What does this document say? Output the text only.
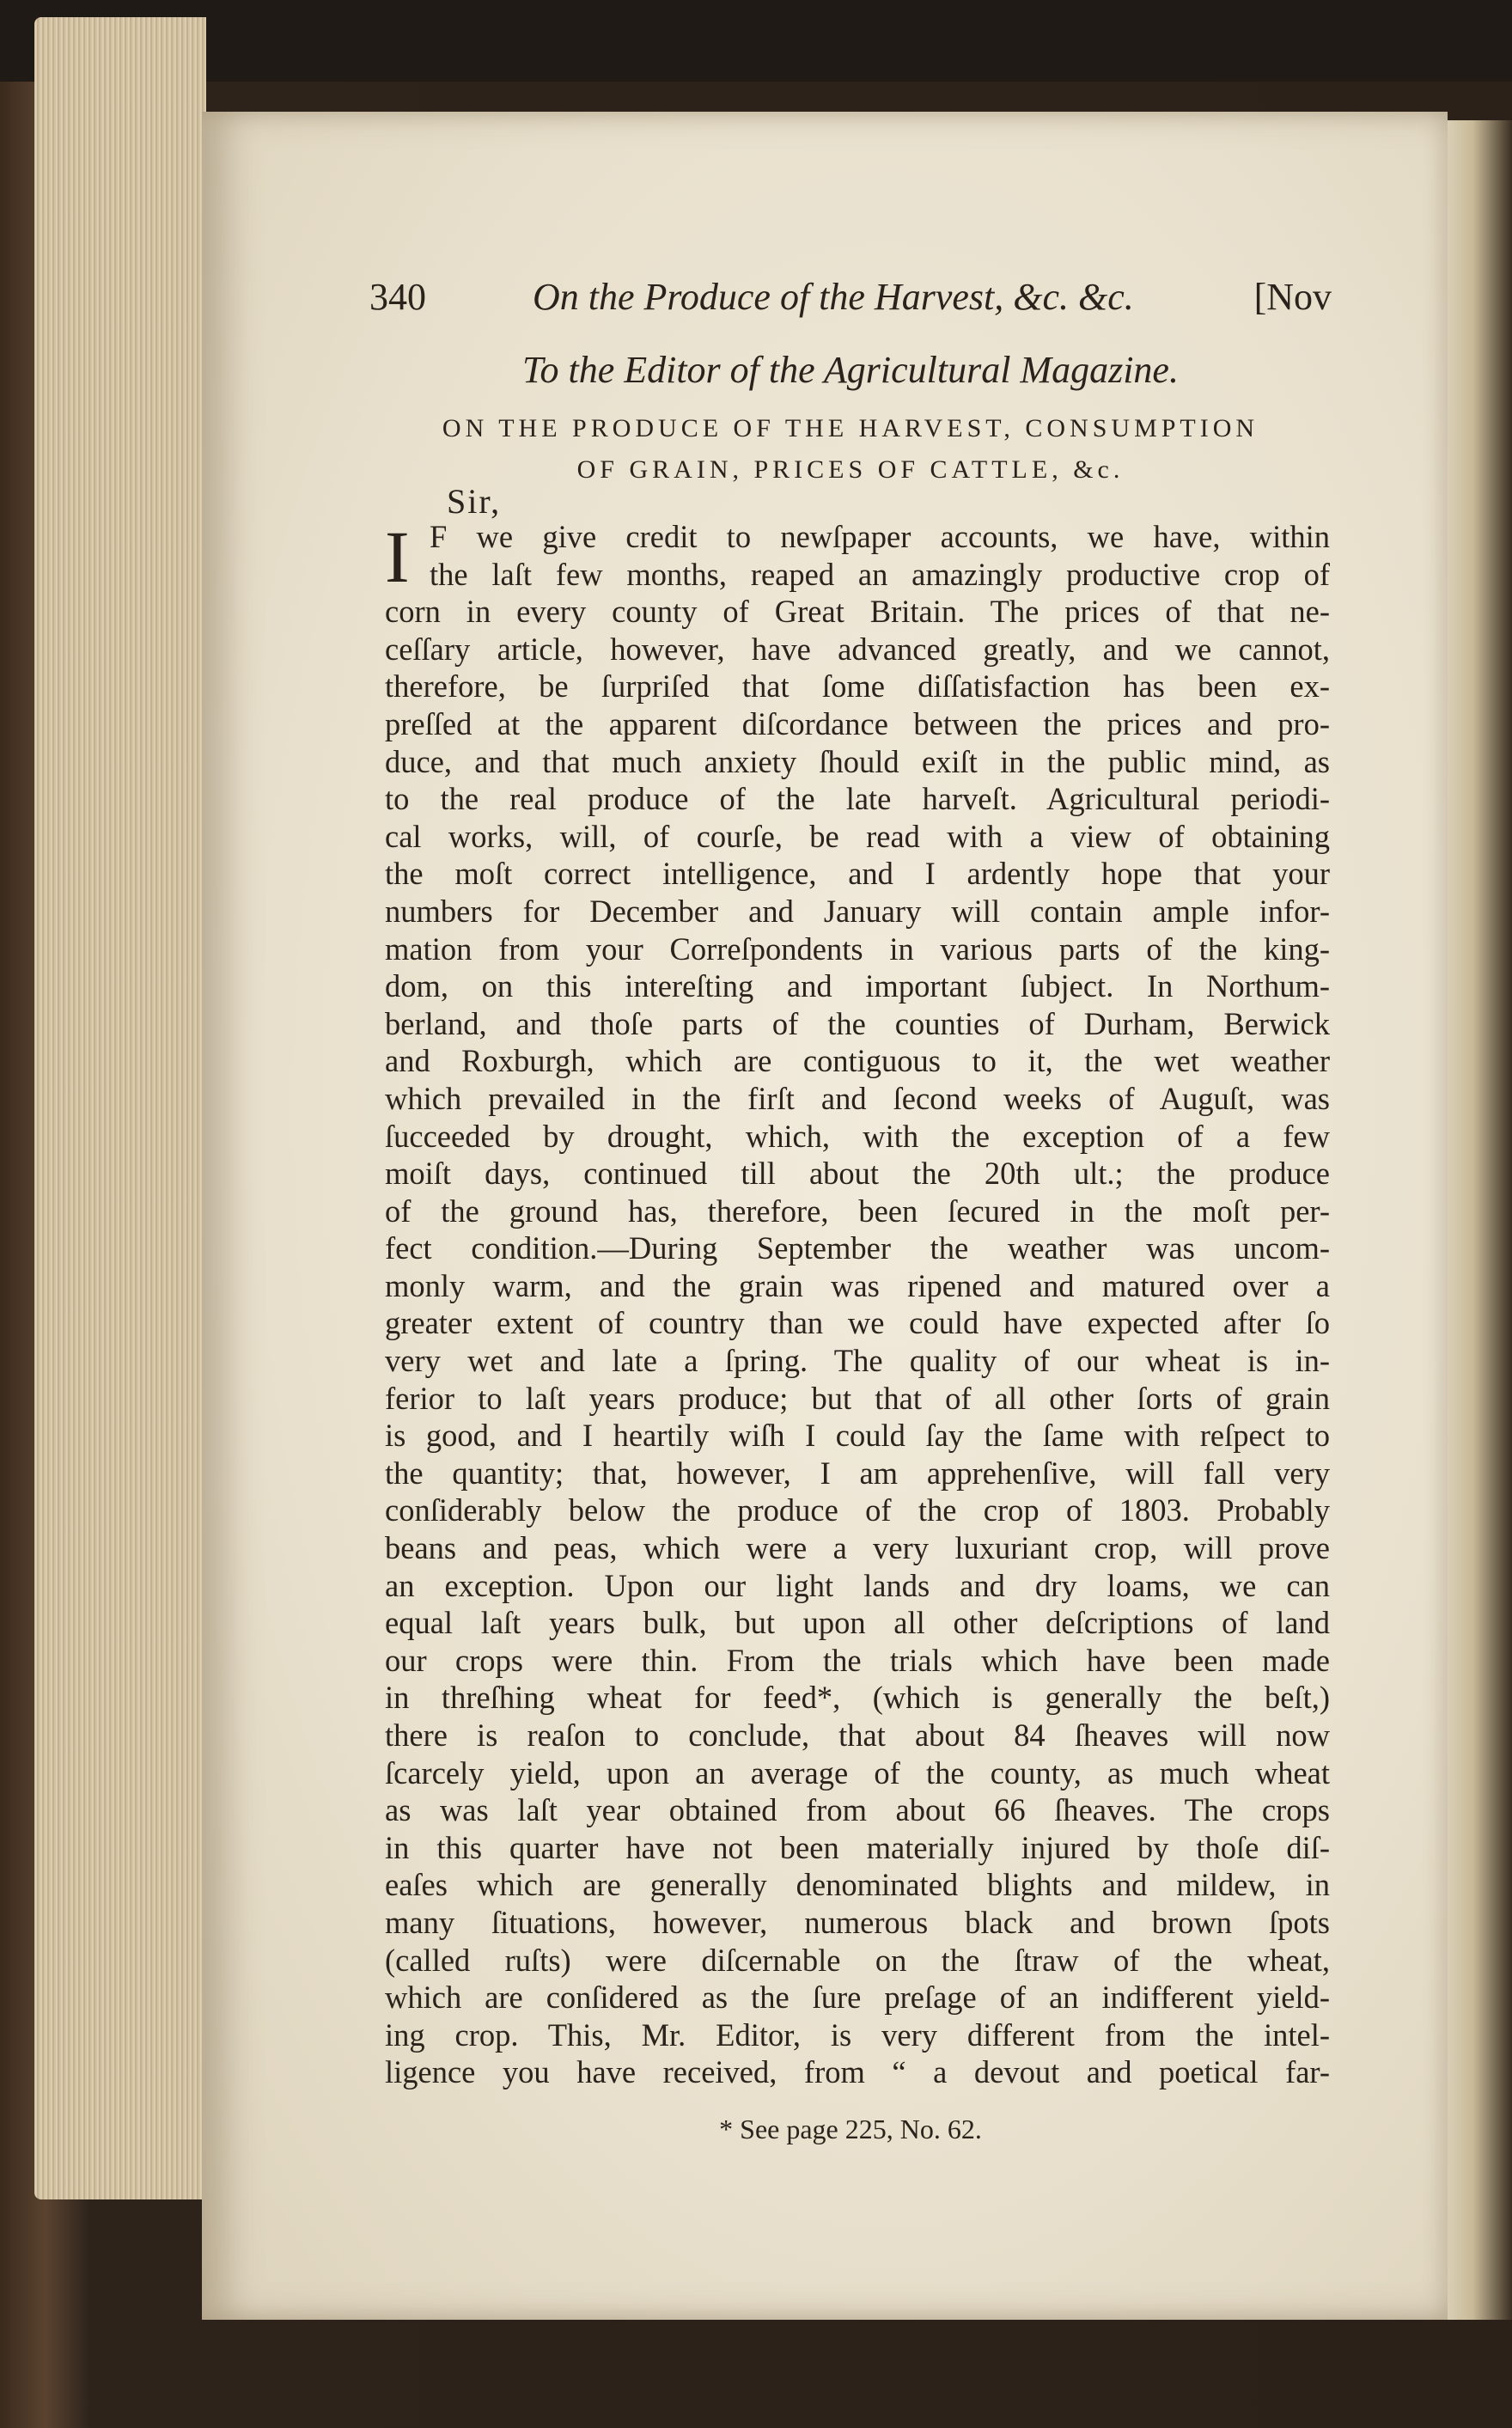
340	On the Produce of the Harvest, &c. &c.	[Nov
To the Editor of the Agricultural Magazine.
ON THE PRODUCE OF THE HARVEST, CONSUMPTION
OF GRAIN, PRICES OF CATTLE, &c.
Sir,
I F we give credit to newſpaper accounts, we have, within
the laſt few months, reaped an amazingly productive crop of
corn in every county of Great Britain. The prices of that ne-
ceſſary article, however, have advanced greatly, and we cannot,
therefore, be ſurpriſed that ſome diſſatisfaction has been ex-
preſſed at the apparent diſcordance between the prices and pro-
duce, and that much anxiety ſhould exiſt in the public mind, as
to the real produce of the late harveſt. Agricultural periodi-
cal works, will, of courſe, be read with a view of obtaining
the moſt correct intelligence, and I ardently hope that your
numbers for December and January will contain ample infor-
mation from your Correſpondents in various parts of the king-
dom, on this intereſting and important ſubject. In Northum-
berland, and thoſe parts of the counties of Durham, Berwick
and Roxburgh, which are contiguous to it, the wet weather
which prevailed in the firſt and ſecond weeks of Auguſt, was
ſucceeded by drought, which, with the exception of a few
moiſt days, continued till about the 20th ult.; the produce
of the ground has, therefore, been ſecured in the moſt per-
fect condition.—During September the weather was uncom-
monly warm, and the grain was ripened and matured over a
greater extent of country than we could have expected after ſo
very wet and late a ſpring. The quality of our wheat is in-
ferior to laſt years produce; but that of all other ſorts of grain
is good, and I heartily wiſh I could ſay the ſame with reſpect to
the quantity; that, however, I am apprehenſive, will fall very
conſiderably below the produce of the crop of 1803. Probably
beans and peas, which were a very luxuriant crop, will prove
an exception. Upon our light lands and dry loams, we can
equal laſt years bulk, but upon all other deſcriptions of land
our crops were thin. From the trials which have been made
in threſhing wheat for feed*, (which is generally the beſt,)
there is reaſon to conclude, that about 84 ſheaves will now
ſcarcely yield, upon an average of the county, as much wheat
as was laſt year obtained from about 66 ſheaves. The crops
in this quarter have not been materially injured by thoſe diſ-
eaſes which are generally denominated blights and mildew, in
many ſituations, however, numerous black and brown ſpots
(called ruſts) were diſcernable on the ſtraw of the wheat,
which are conſidered as the ſure preſage of an indifferent yield-
ing crop. This, Mr. Editor, is very different from the intel-
ligence you have received, from “ a devout and poetical far-
* See page 225, No. 62.
